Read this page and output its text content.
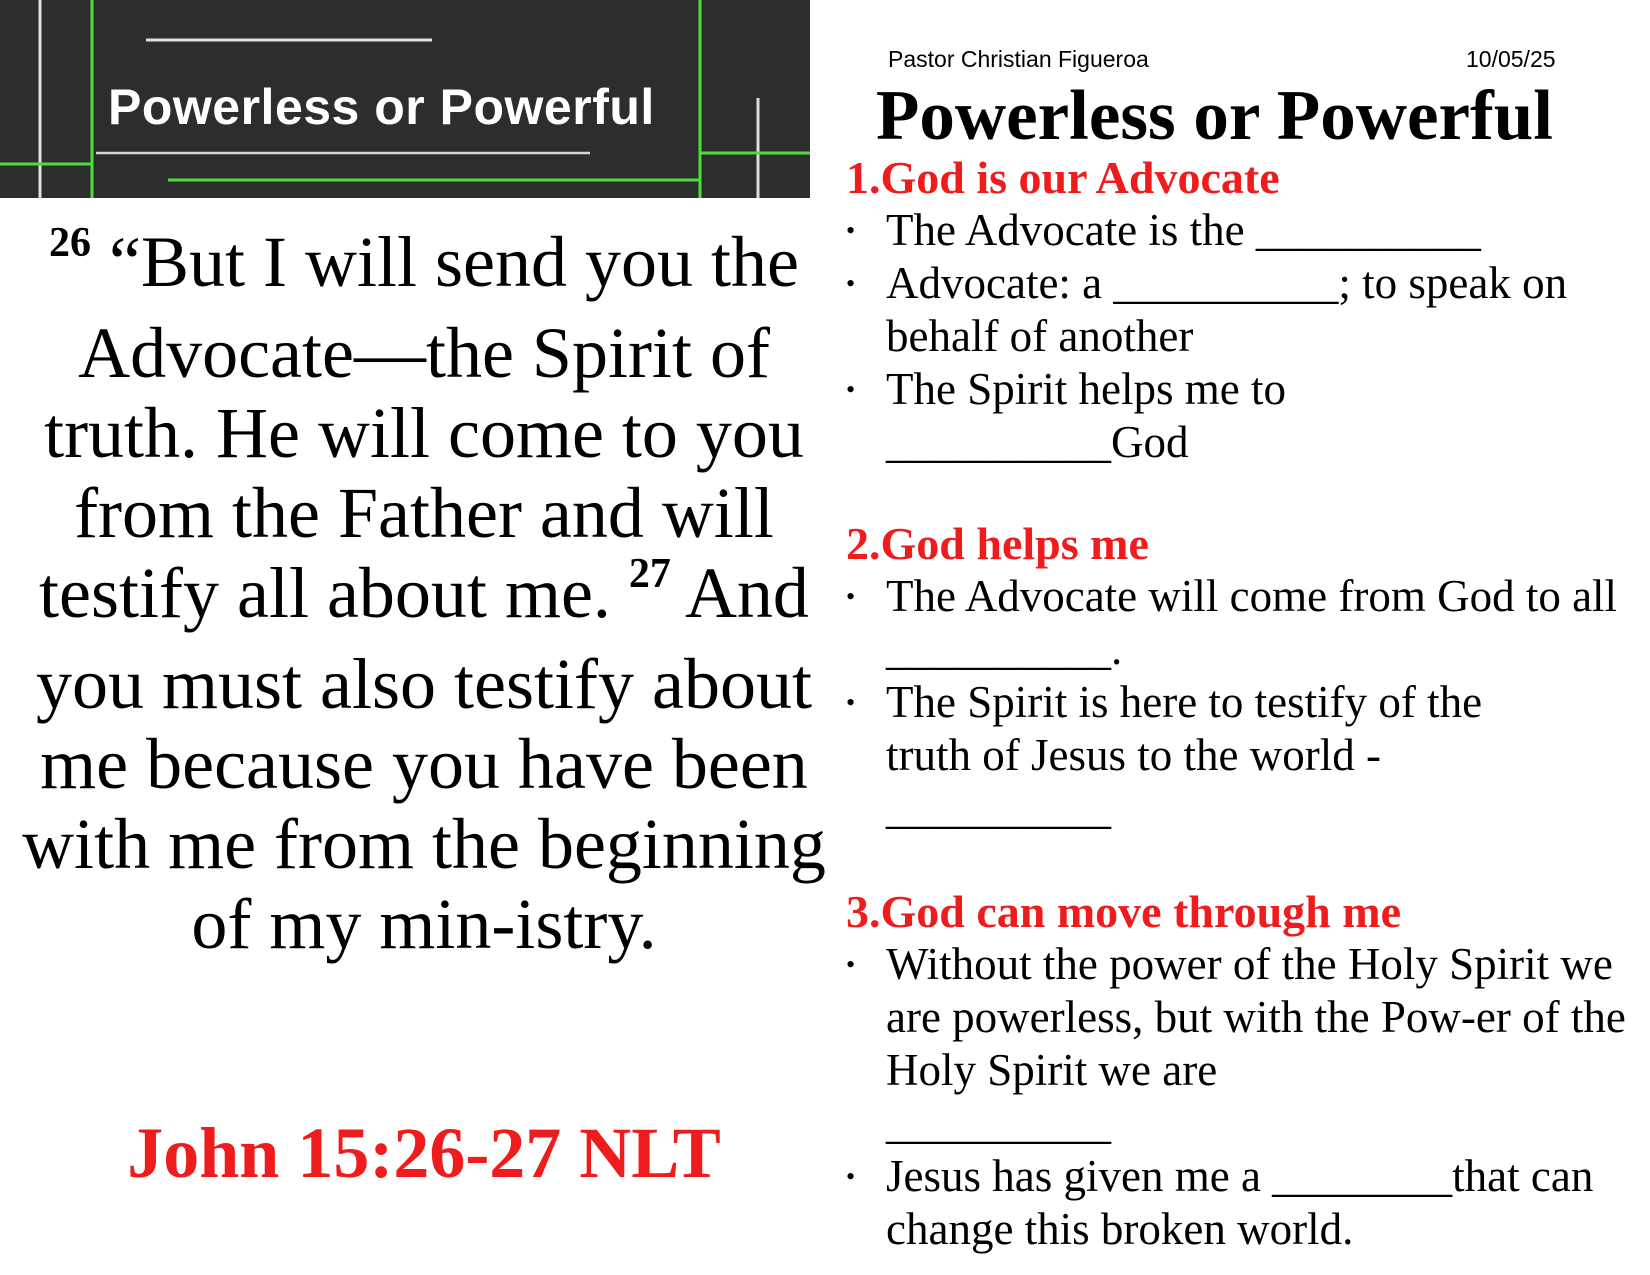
Powerless or Powerful
$^{26}$ “But I will send you the Advocate—the Spirit of truth. He will come to you from the Father and will testify all about me. $^{27}$ And you must also testify about me because you have been with me from the beginning of my min-istry.
John 15:26-27 NLT
Pastor Christian Figueroa	10/05/25
Powerless or Powerful
1.God is our Advocate
• The Advocate is the __________
• Advocate: a __________; to speak on behalf of another
• The Spirit helps me to __________God
2.God helps me
• The Advocate will come from God to all __________.
• The Spirit is here to testify of the truth of Jesus to the world -
__________
3.God can move through me
• Without the power of the Holy Spirit we are powerless, but with the Pow-er of the Holy Spirit we are
__________
• Jesus has given me a ________that can change this broken world.
